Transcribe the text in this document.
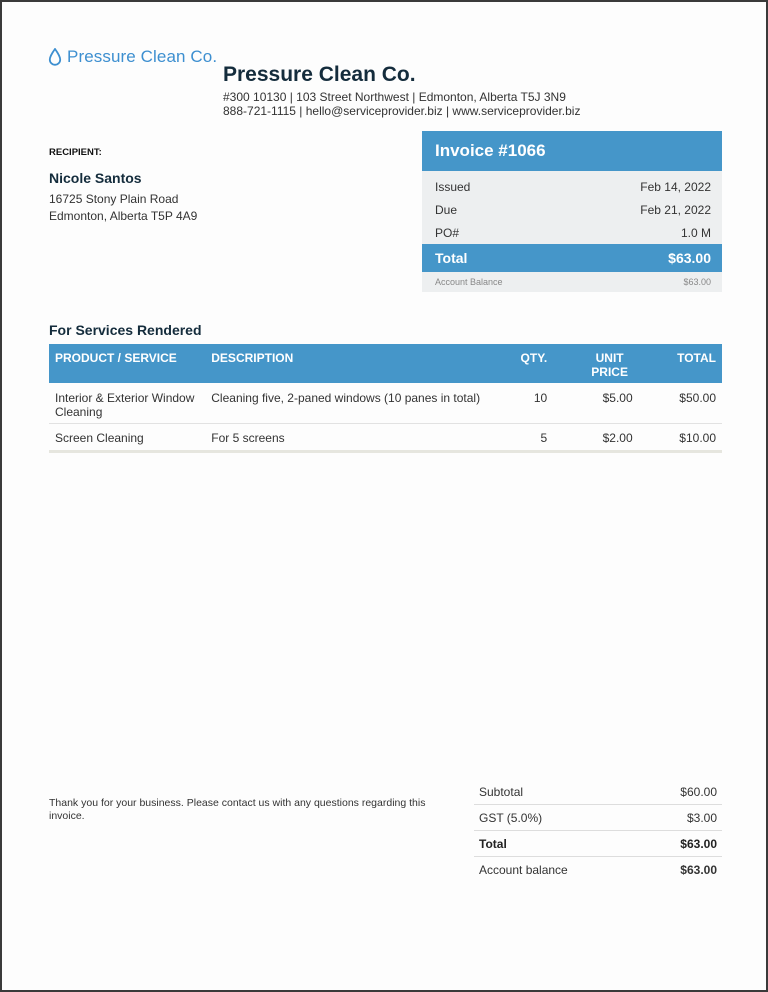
Pressure Clean Co.
Pressure Clean Co.
#300 10130 | 103 Street Northwest | Edmonton, Alberta T5J 3N9
888-721-1115 | hello@serviceprovider.biz | www.serviceprovider.biz
RECIPIENT:
Nicole Santos
16725 Stony Plain Road
Edmonton, Alberta T5P 4A9
Invoice #1066
Issued	Feb 14, 2022
Due	Feb 21, 2022
PO#	1.0 M
Total	$63.00
Account Balance	$63.00
For Services Rendered
PRODUCT / SERVICE	DESCRIPTION	QTY.	UNIT PRICE	TOTAL
Interior & Exterior Window Cleaning	Cleaning five, 2-paned windows (10 panes in total)	10	$5.00	$50.00
Screen Cleaning	For 5 screens	5	$2.00	$10.00
Thank you for your business. Please contact us with any questions regarding this invoice.
Subtotal	$60.00
GST (5.0%)	$3.00
Total	$63.00
Account balance	$63.00
